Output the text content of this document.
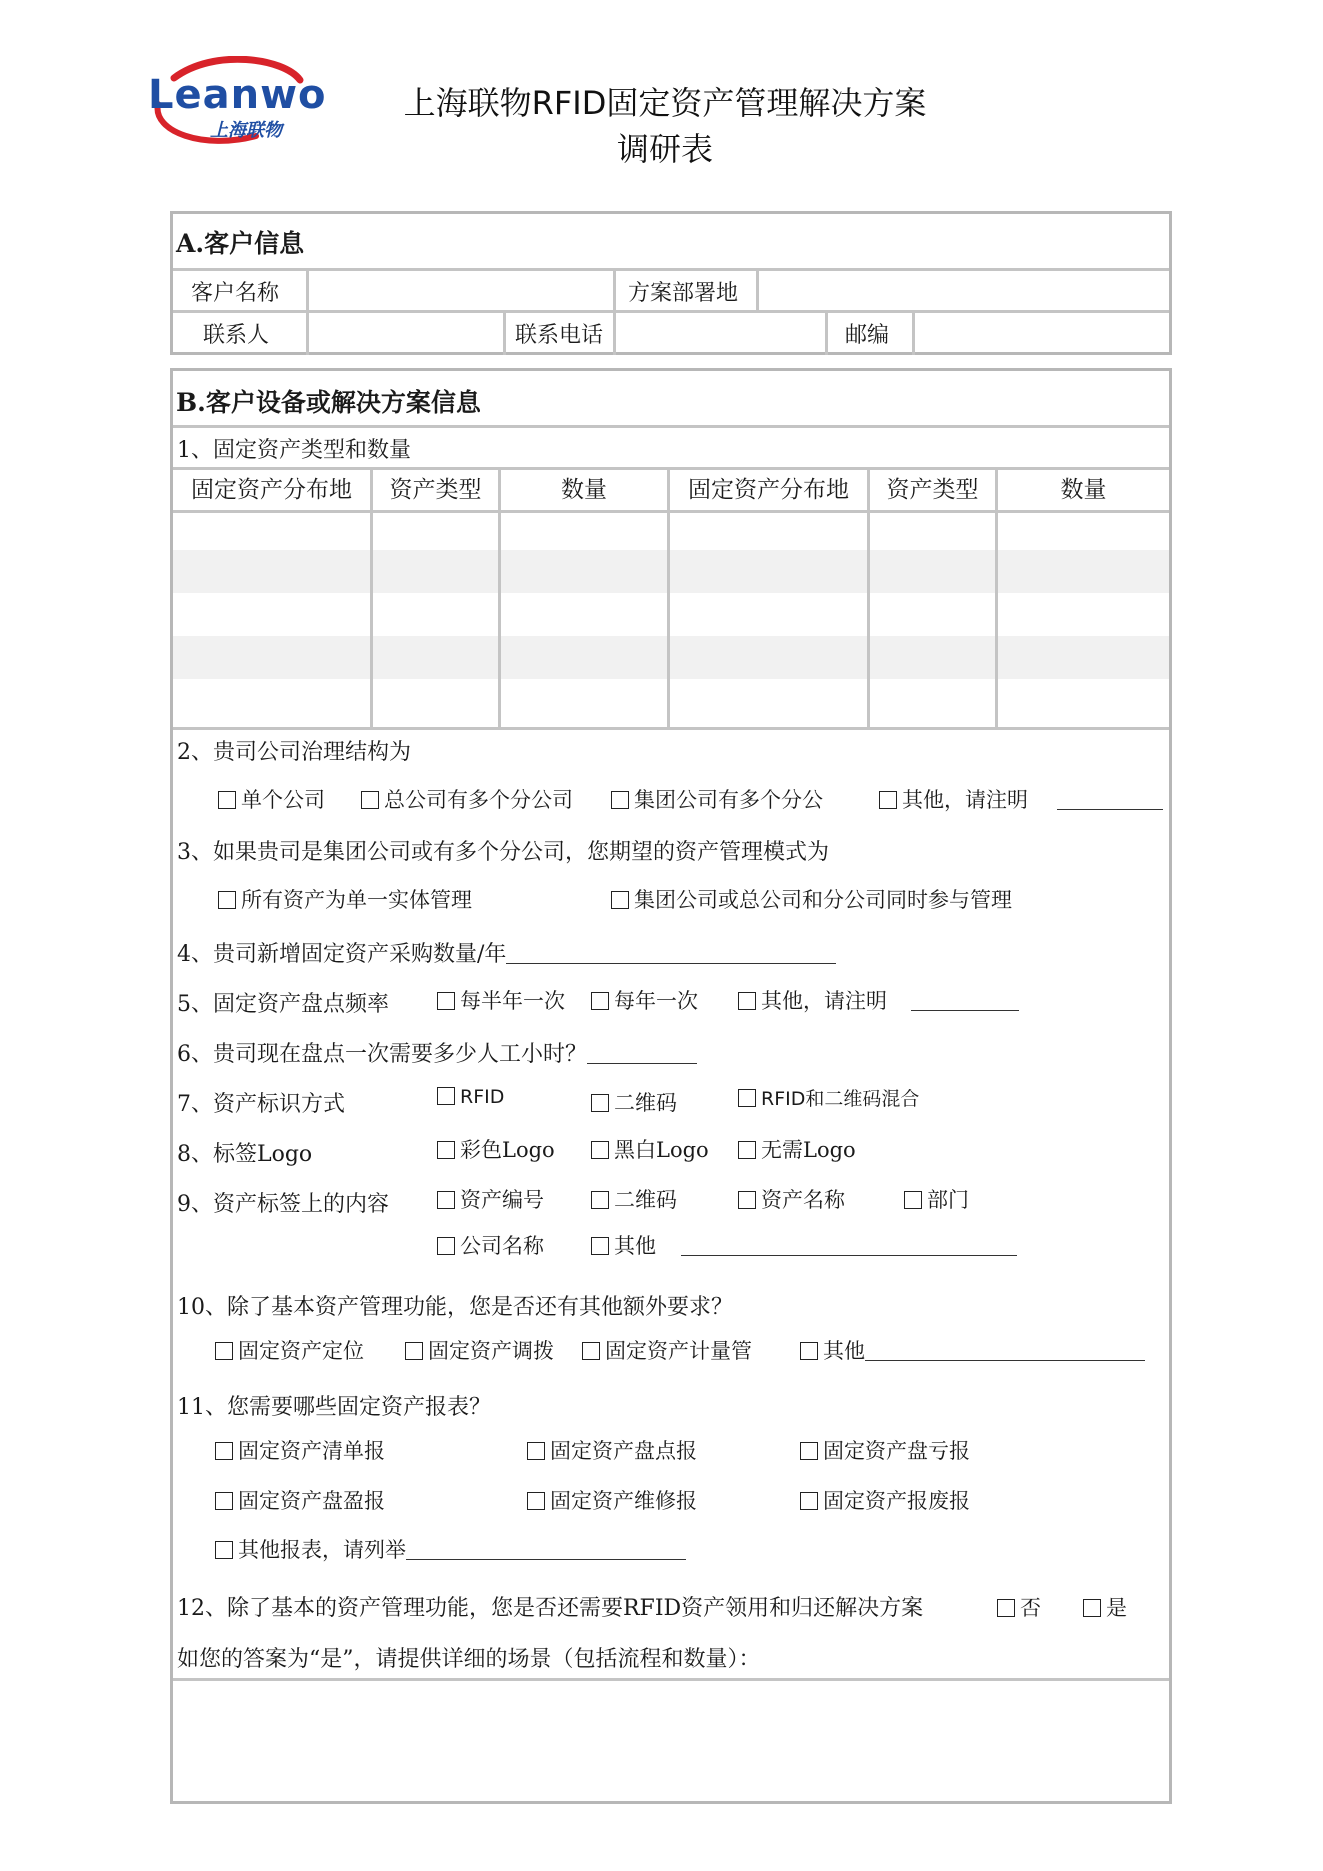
Leanwo
上海联物
上海联物RFID固定资产管理解决方案
调研表
A.客户信息
客户名称	方案部署地
联系人	联系电话	邮编
B.客户设备或解决方案信息
1、固定资产类型和数量
固定资产分布地	资产类型	数量	固定资产分布地	资产类型	数量
2、贵司公司治理结构为
单个公司	总公司有多个分公司	集团公司有多个分公	其他，请注明
3、如果贵司是集团公司或有多个分公司，您期望的资产管理模式为
所有资产为单一实体管理	集团公司或总公司和分公司同时参与管理
4、贵司新增固定资产采购数量/年
5、固定资产盘点频率	每半年一次	每年一次	其他，请注明
6、贵司现在盘点一次需要多少人工小时？
7、资产标识方式	RFID	二维码	RFID和二维码混合
8、标签Logo	彩色Logo	黑白Logo	无需Logo
9、资产标签上的内容	资产编号	二维码	资产名称	部门
公司名称	其他
10、除了基本资产管理功能，您是否还有其他额外要求？
固定资产定位	固定资产调拨	固定资产计量管	其他
11、您需要哪些固定资产报表？
固定资产清单报	固定资产盘点报	固定资产盘亏报
固定资产盘盈报	固定资产维修报	固定资产报废报
其他报表，请列举
12、除了基本的资产管理功能，您是否还需要RFID资产领用和归还解决方案	否	是
如您的答案为“是”，请提供详细的场景（包括流程和数量）：
